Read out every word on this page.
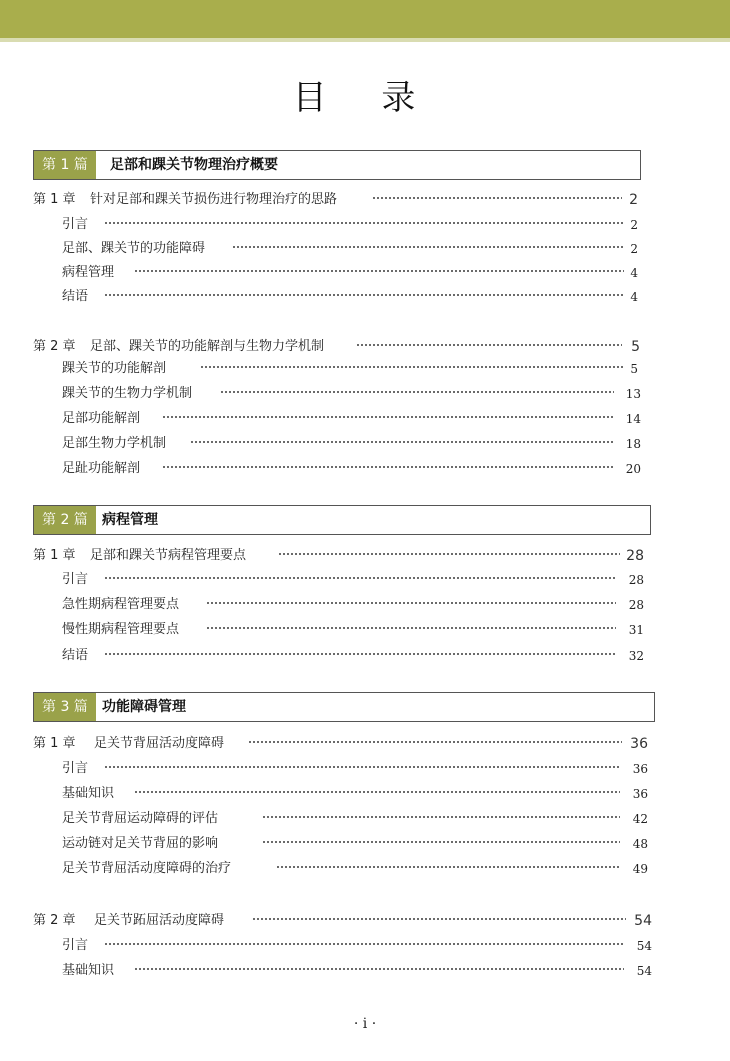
目 录
第 1 篇	足部和踝关节物理治疗概要
第 1 章 针对足部和踝关节损伤进行物理治疗的思路	2
引言	2
足部、踝关节的功能障碍	2
病程管理	4
结语	4
第 2 章 足部、踝关节的功能解剖与生物力学机制	5
踝关节的功能解剖	5
踝关节的生物力学机制	13
足部功能解剖	14
足部生物力学机制	18
足趾功能解剖	20
第 2 篇	病程管理
第 1 章 足部和踝关节病程管理要点	28
引言	28
急性期病程管理要点	28
慢性期病程管理要点	31
结语	32
第 3 篇	功能障碍管理
第 1 章 足关节背屈活动度障碍	36
引言	36
基础知识	36
足关节背屈运动障碍的评估	42
运动链对足关节背屈的影响	48
足关节背屈活动度障碍的治疗	49
第 2 章 足关节跖屈活动度障碍	54
引言	54
基础知识	54
· i ·
